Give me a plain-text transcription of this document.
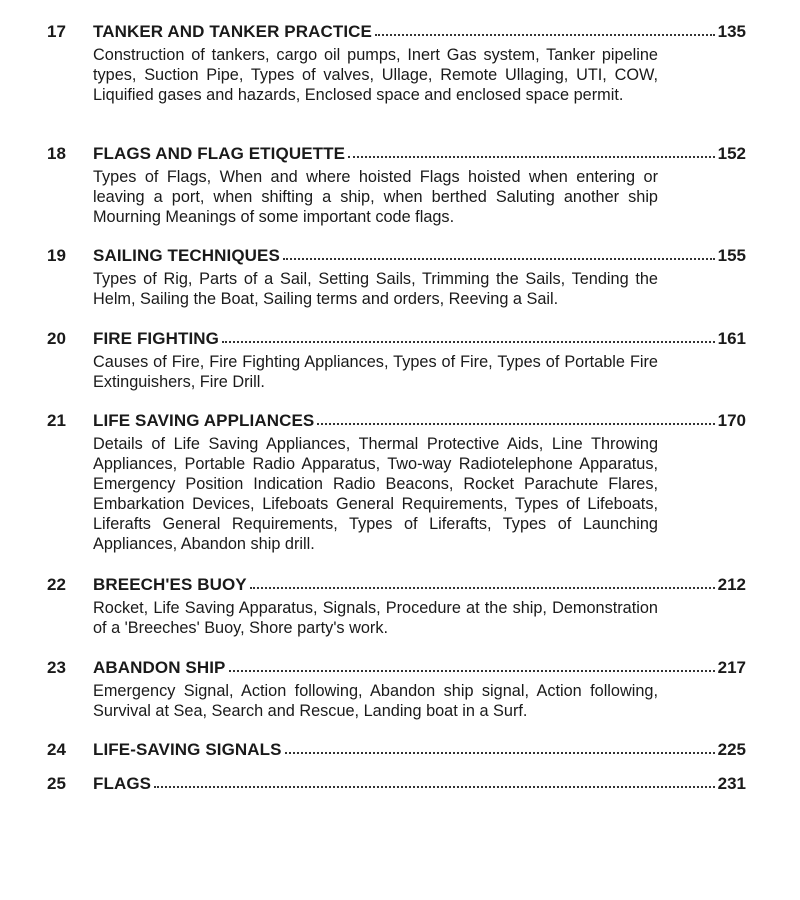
17 TANKER AND TANKER PRACTICE	135

Construction of tankers, cargo oil pumps, Inert Gas system, Tanker pipeline types, Suction Pipe, Types of valves, Ullage, Remote Ullaging, UTI, COW, Liquified gases and hazards, Enclosed space and enclosed space permit.

18 FLAGS AND FLAG ETIQUETTE	152

Types of Flags, When and where hoisted Flags hoisted when entering or leaving a port, when shifting a ship, when berthed Saluting another ship Mourning Meanings of some important code flags.

19 SAILING TECHNIQUES	155

Types of Rig, Parts of a Sail, Setting Sails, Trimming the Sails, Tending the Helm, Sailing the Boat, Sailing terms and orders, Reeving a Sail.

20 FIRE FIGHTING	161

Causes of Fire, Fire Fighting Appliances, Types of Fire, Types of Portable Fire Extinguishers, Fire Drill.

21 LIFE SAVING APPLIANCES	170

Details of Life Saving Appliances, Thermal Protective Aids, Line Throwing Appliances, Portable Radio Apparatus, Two-way Radiotelephone Apparatus, Emergency Position Indication Radio Beacons, Rocket Parachute Flares, Embarkation Devices, Lifeboats General Requirements, Types of Lifeboats, Liferafts General Requirements, Types of Liferafts, Types of Launching Appliances, Abandon ship drill.

22 BREECH'ES BUOY	212

Rocket, Life Saving Apparatus, Signals, Procedure at the ship, Demonstration of a 'Breeches' Buoy, Shore party's work.

23 ABANDON SHIP	217

Emergency Signal, Action following, Abandon ship signal, Action following, Survival at Sea, Search and Rescue, Landing boat in a Surf.

24 LIFE-SAVING SIGNALS	225
25 FLAGS	231
